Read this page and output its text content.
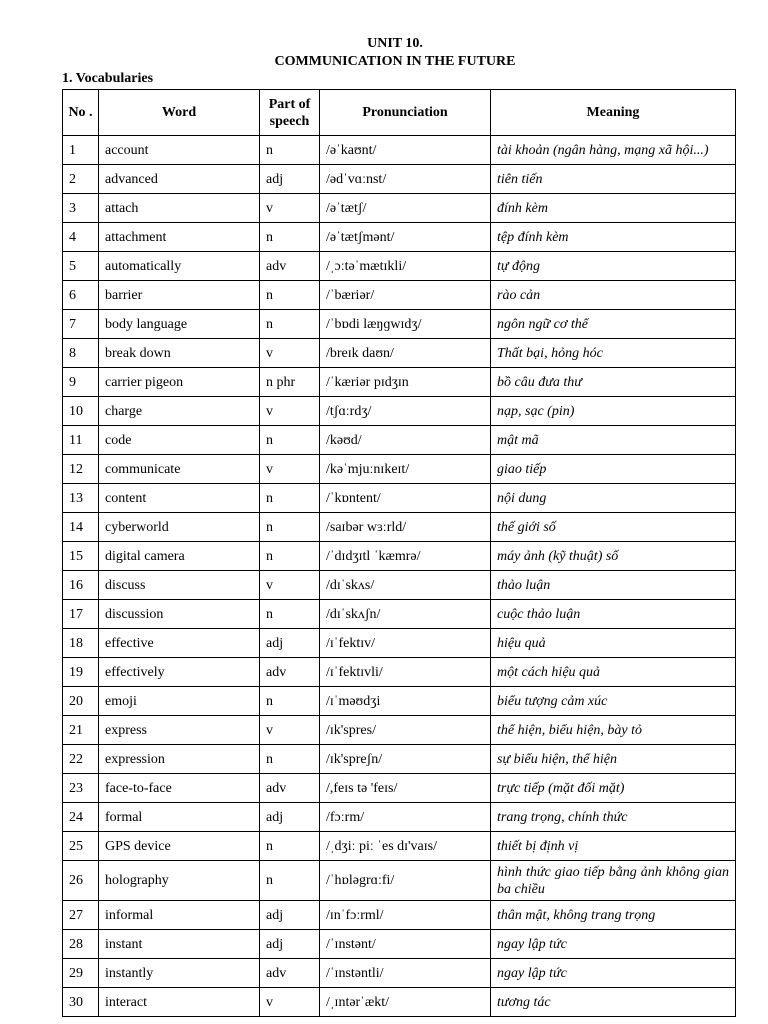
UNIT 10.
COMMUNICATION IN THE FUTURE
1. Vocabularies
No .	Word	Part of speech	Pronunciation	Meaning
1	account	n	/əˈkaʊnt/	tài khoản (ngân hàng, mạng xã hội...)
2	advanced	adj	/ədˈvɑːnst/	tiên tiến
3	attach	v	/əˈtætʃ/	đính kèm
4	attachment	n	/əˈtætʃmənt/	tệp đính kèm
5	automatically	adv	/ˌɔːtəˈmætɪkli/	tự động
6	barrier	n	/ˈbæriər/	rào cản
7	body language	n	/ˈbɒdi læŋɡwɪdʒ/	ngôn ngữ cơ thể
8	break down	v	/breɪk daʊn/	Thất bại, hỏng hóc
9	carrier pigeon	n phr	/ˈkæriər pɪdʒɪn	bồ câu đưa thư
10	charge	v	/tʃɑːrdʒ/	nạp, sạc (pin)
11	code	n	/kəʊd/	mật mã
12	communicate	v	/kəˈmjuːnɪkeɪt/	giao tiếp
13	content	n	/ˈkɒntent/	nội dung
14	cyberworld	n	/saɪbər wɜːrld/	thế giới số
15	digital camera	n	/ˈdɪdʒɪtl ˈkæmrə/	máy ảnh (kỹ thuật) số
16	discuss	v	/dɪˈskʌs/	thảo luận
17	discussion	n	/dɪˈskʌʃn/	cuộc thảo luận
18	effective	adj	/ɪˈfektɪv/	hiệu quả
19	effectively	adv	/ɪˈfektɪvli/	một cách hiệu quả
20	emoji	n	/ɪˈməʊdʒi	biểu tượng cảm xúc
21	express	v	/ɪk'spres/	thể hiện, biểu hiện, bày tỏ
22	expression	n	/ɪk'spreʃn/	sự biểu hiện, thể hiện
23	face-to-face	adv	/,feɪs tə 'feɪs/	trực tiếp (mặt đối mặt)
24	formal	adj	/fɔːrm/	trang trọng, chính thức
25	GPS device	n	/ˌdʒiː piː ˈes dɪ'vaɪs/	thiết bị định vị
26	holography	n	/ˈhɒləgrɑːfi/	hình thức giao tiếp bằng ảnh không gian ba chiều
27	informal	adj	/ɪnˈfɔːrml/	thân mật, không trang trọng
28	instant	adj	/ˈɪnstənt/	ngay lập tức
29	instantly	adv	/ˈɪnstəntli/	ngay lập tức
30	interact	v	/ˌɪntərˈækt/	tương tác
